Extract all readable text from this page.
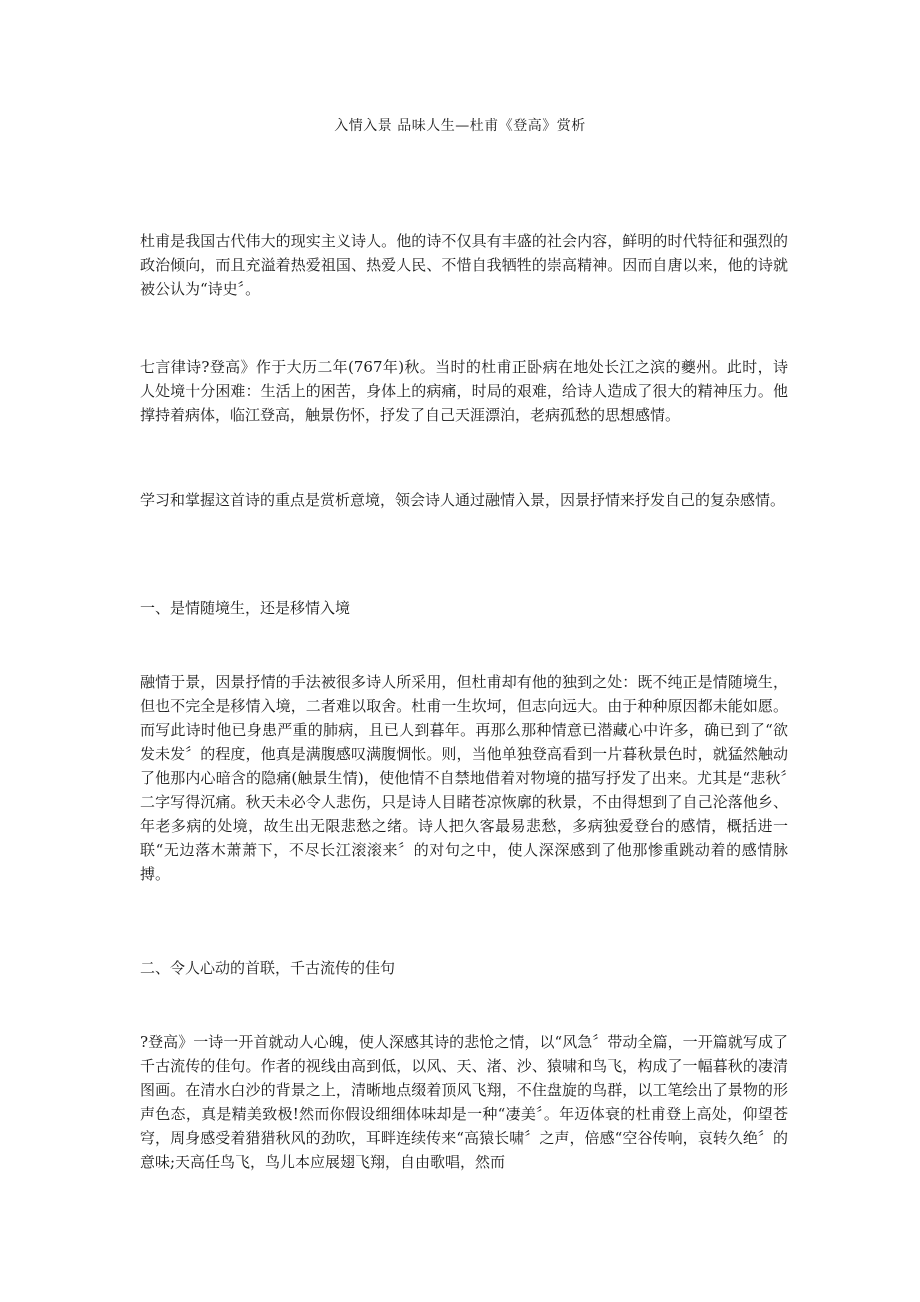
入情入景 品味人生—杜甫《登高》赏析

杜甫是我国古代伟大的现实主义诗人。他的诗不仅具有丰盛的社会内容，鲜明的时代特征和强烈的政治倾向，而且充溢着热爱祖国、热爱人民、不惜自我牺牲的崇高精神。因而自唐以来，他的诗就被公认为“诗史〞。

七言律诗?登高》作于大历二年(767年)秋。当时的杜甫正卧病在地处长江之滨的夔州。此时，诗人处境十分困难：生活上的困苦，身体上的病痛，时局的艰难，给诗人造成了很大的精神压力。他撑持着病体，临江登高，触景伤怀，抒发了自己天涯漂泊，老病孤愁的思想感情。

学习和掌握这首诗的重点是赏析意境，领会诗人通过融情入景，因景抒情来抒发自己的复杂感情。

一、是情随境生，还是移情入境

融情于景，因景抒情的手法被很多诗人所采用，但杜甫却有他的独到之处：既不纯正是情随境生，但也不完全是移情入境，二者难以取舍。杜甫一生坎坷，但志向远大。由于种种原因都未能如愿。而写此诗时他已身患严重的肺病，且已人到暮年。再那么那种情意已潜藏心中许多，确已到了“欲发未发〞的程度，他真是满腹感叹满腹惆怅。则，当他单独登高看到一片暮秋景色时，就猛然触动了他那内心暗含的隐痛(触景生情)，使他情不自禁地借着对物境的描写抒发了出来。尤其是“悲秋〞二字写得沉痛。秋天未必令人悲伤，只是诗人目睹苍凉恢廓的秋景，不由得想到了自己沦落他乡、年老多病的处境，故生出无限悲愁之绪。诗人把久客最易悲愁，多病独爱登台的感情，概括进一联“无边落木萧萧下，不尽长江滚滚来〞的对句之中，使人深深感到了他那惨重跳动着的感情脉搏。

二、令人心动的首联，千古流传的佳句

?登高》一诗一开首就动人心魄，使人深感其诗的悲怆之情，以“风急〞带动全篇，一开篇就写成了千古流传的佳句。作者的视线由高到低，以风、天、渚、沙、猿啸和鸟飞，构成了一幅暮秋的凄清图画。在清水白沙的背景之上，清晰地点缀着顶风飞翔，不住盘旋的鸟群，以工笔绘出了景物的形声色态，真是精美致极!然而你假设细细体味却是一种“凄美〞。年迈体衰的杜甫登上高处，仰望苍穹，周身感受着猎猎秋风的劲吹，耳畔连续传来“高猿长啸〞之声，倍感“空谷传响，哀转久绝〞的意味;天高任鸟飞，鸟儿本应展翅飞翔，自由歌唱，然而
